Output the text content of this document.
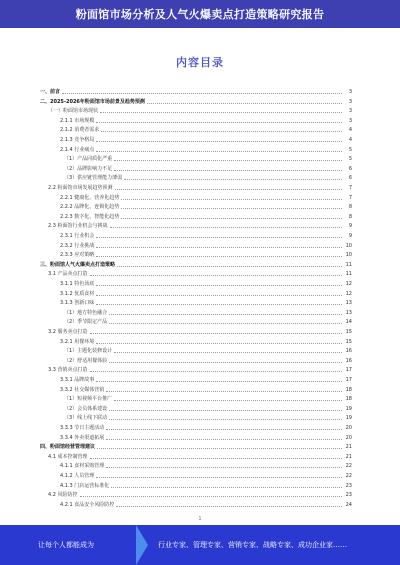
粉面馆市场分析及人气火爆卖点打造策略研究报告
内容目录
一、前言	3
二、2025-2026年粉面馆市场前景及趋势预测	3
（一）粉面馆市场现状	3
2.1.1 市场规模	3
2.1.2 消费者需求	4
2.1.3 竞争格局	4
2.1.4 行业痛点	5
（1）产品同质化严重	5
（2）品牌影响力不足	6
（3）供应链管理能力薄弱	6
2.2 粉面馆市场发展趋势预测	7
2.2.1 健康化、营养化趋势	7
2.2.2 品牌化、连锁化趋势	8
2.2.3 数字化、智能化趋势	8
2.3 粉面馆行业机会与挑战	9
2.3.1 行业机会	9
2.3.2 行业挑战	10
2.3.3 应对策略	10
三、粉面馆人气火爆卖点打造策略	11
3.1 产品卖点打造	11
3.1.1 特色汤底	12
3.1.2 优质食材	12
3.1.3 创新口味	13
（1）地方特色融合	13
（2）季节限定产品	14
3.2 服务卖点打造	15
3.2.1 用餐环境	15
（1）主题化装修设计	16
（2）舒适用餐体验	16
3.3 营销卖点打造	17
3.3.1 品牌故事	17
3.3.2 社交媒体营销	18
（1）短视频平台推广	18
（2）会员体系建设	19
（3）线上线下联动	19
3.3.3 节日主题活动	20
3.3.4 外卖渠道拓展	20
四、粉面馆经营管理建议	21
4.1 成本控制管理	21
4.1.1 食材采购管理	22
4.1.2 人员管理	22
4.1.3 门店运营标准化	23
4.2 风险防控	23
4.2.1 食品安全风险防控	24
1
让每个人都能成为	行业专家、管理专家、营销专家、战略专家、成功企业家……
